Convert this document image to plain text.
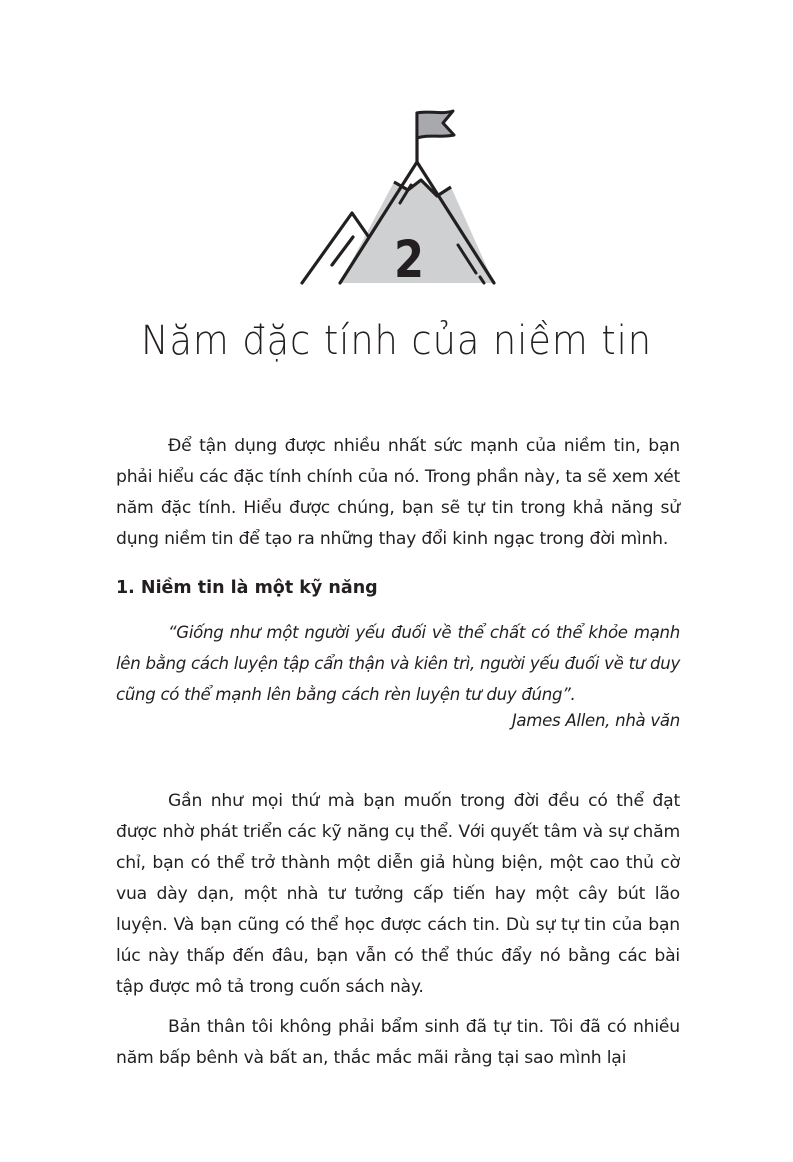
2
Năm đặc tính của niềm tin

Để tận dụng được nhiều nhất sức mạnh của niềm tin, bạn phải hiểu các đặc tính chính của nó. Trong phần này, ta sẽ xem xét năm đặc tính. Hiểu được chúng, bạn sẽ tự tin trong khả năng sử dụng niềm tin để tạo ra những thay đổi kinh ngạc trong đời mình.

1. Niềm tin là một kỹ năng

“Giống như một người yếu đuối về thể chất có thể khỏe mạnh lên bằng cách luyện tập cẩn thận và kiên trì, người yếu đuối về tư duy cũng có thể mạnh lên bằng cách rèn luyện tư duy đúng”.

James Allen, nhà văn

Gần như mọi thứ mà bạn muốn trong đời đều có thể đạt được nhờ phát triển các kỹ năng cụ thể. Với quyết tâm và sự chăm chỉ, bạn có thể trở thành một diễn giả hùng biện, một cao thủ cờ vua dày dạn, một nhà tư tưởng cấp tiến hay một cây bút lão luyện. Và bạn cũng có thể học được cách tin. Dù sự tự tin của bạn lúc này thấp đến đâu, bạn vẫn có thể thúc đẩy nó bằng các bài tập được mô tả trong cuốn sách này.

Bản thân tôi không phải bẩm sinh đã tự tin. Tôi đã có nhiều năm bấp bênh và bất an, thắc mắc mãi rằng tại sao mình lại
